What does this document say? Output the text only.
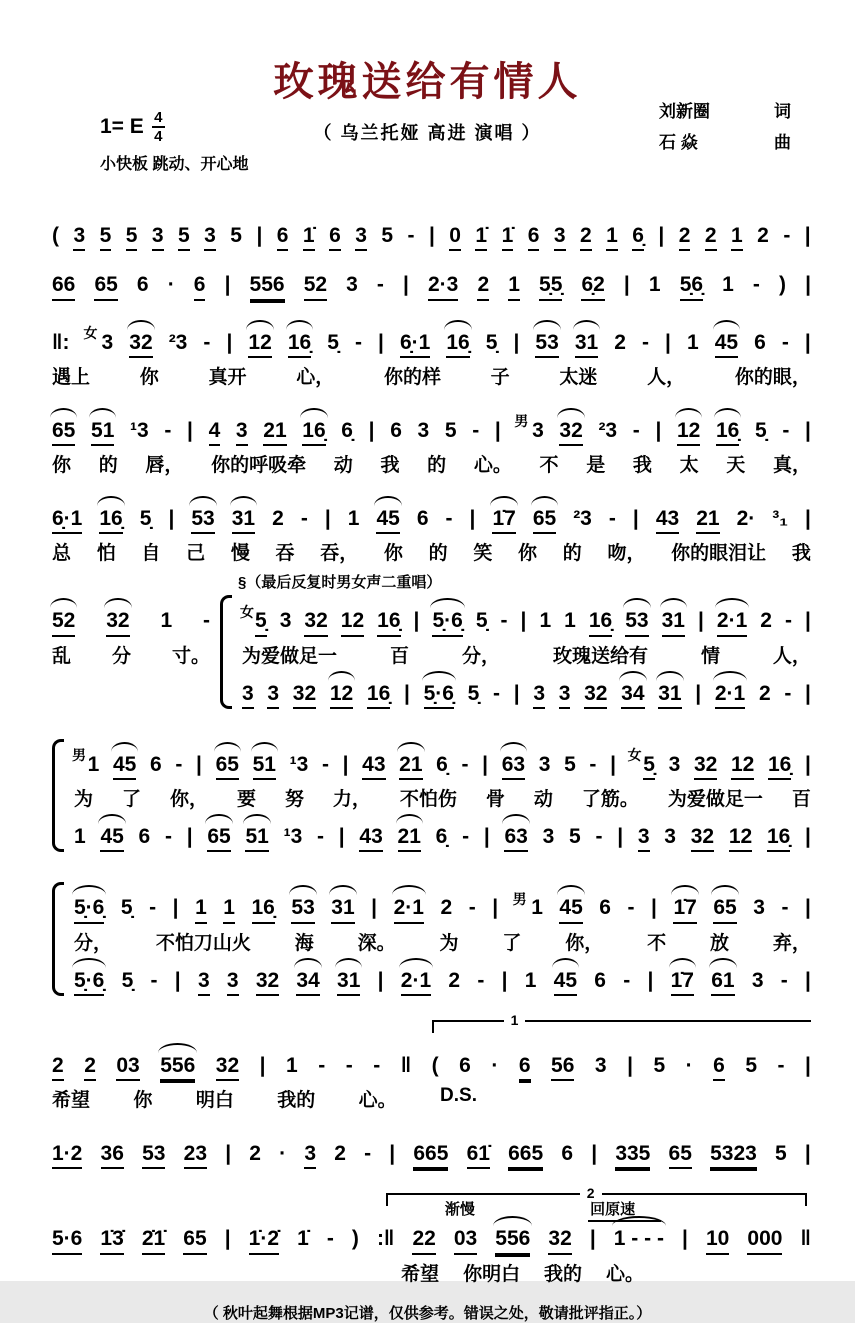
玫瑰送给有情人
（ 乌兰托娅 高进 演唱 ）
刘新圈	词
石 焱	曲
1= E $\frac{4}{4}$
小快板 跳动、开心地
( 3 5 5 3 5 3 5 | 6 1̇ 6 3 5 - | 0 1̇ 1̇ 6 3 2 1 6̣ | 2 2 1 2 - |
66 65 6 · 6 | 556 52 3 - | 2·3 2 1 5̣5̣ 6̣2 | 1 5̣6̣ 1 - ) |
‖: 女 3 32 ²3 - | 12 16̣ 5̣ - | 6̣·1 16̣ 5̣ | 53 31 2 - | 1 45 6 - |
遇上	你	真开	心，	你的样	子	太迷	人，	你的眼，
65 51 ¹3 - | 4 3 21 16̣ 6̣ | 6 3 5 - | 男 3 32 ²3 - | 12 16̣ 5̣ - |
你 的 唇， 你的呼吸牵 动 我 的 心。 不 是 我 太 天 真，
6̣·1 16̣ 5̣ | 53 31 2 - | 1 45 6 - | 1̇7 65 ²3 - | 43 21 2· ³₁ |
总 怕 自 己 慢 吞 吞， 你 的 笑 你 的 吻， 你的眼泪让 我
52 32 1 -
乱 分 寸。
§（最后反复时男女声二重唱）
女 5̣ 3 32 12 16̣ | 5̣·6̣ 5̣ - | 1 1 16̣ 53 31 | 2·1 2 - |
为爱做足一	百	分，	玫瑰送给有	情	人，
3 3 32 12 16̣ | 5̣·6̣ 5̣ - | 3 3 32 34 31 | 2·1 2 - |
男 1 45 6 - | 65 51 ¹3 - | 43 21 6̣ - | 63 3 5 - | 女 5̣ 3 32 12 16̣ |
为 了 你， 要 努 力， 不怕伤 骨 动 了筋。 为爱做足一 百
1 45 6 - | 65 51 ¹3 - | 43 21 6̣ - | 63 3 5 - | 3 3 32 12 16̣ |
5̣·6̣ 5̣ - | 1 1 16̣ 53 31 | 2·1 2 - | 男 1 45 6 - | 1̇7 65 3 - |
分， 不怕刀山火 海 深。 为 了 你， 不 放 弃，
5̣·6̣ 5̣ - | 3 3 32 34 31 | 2·1 2 - | 1 45 6 - | 1̇7 61 3 - |
1
2 2 03 556 32 | 1 - - - ‖ ( 6 · 6 56 3 | 5 · 6 5 - |
希望 你 明白 我的 心。 D.S.
1·2 36 53 23 | 2 · 3 2 - | 665 61̇ 665 6 | 335 65 5323 5 |
2
渐慢	回原速
5·6 1̇3̇ 2̇1̇ 65 | 1̇·2̇ 1̇ - ) :‖ 22 03 556 32 | 1 - - - | 10 000 ‖
希望 你明白 我的 心。
（ 秋叶起舞根据MP3记谱，仅供参考。错误之处，敬请批评指正。）
